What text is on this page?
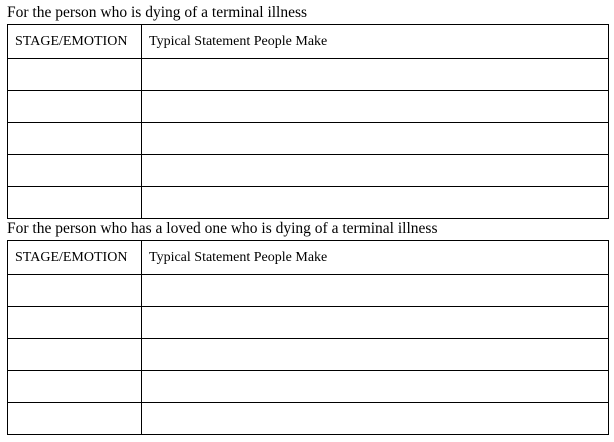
For the person who is dying of a terminal illness

STAGE/EMOTION	Typical Statement People Make

For the person who has a loved one who is dying of a terminal illness

STAGE/EMOTION	Typical Statement People Make
